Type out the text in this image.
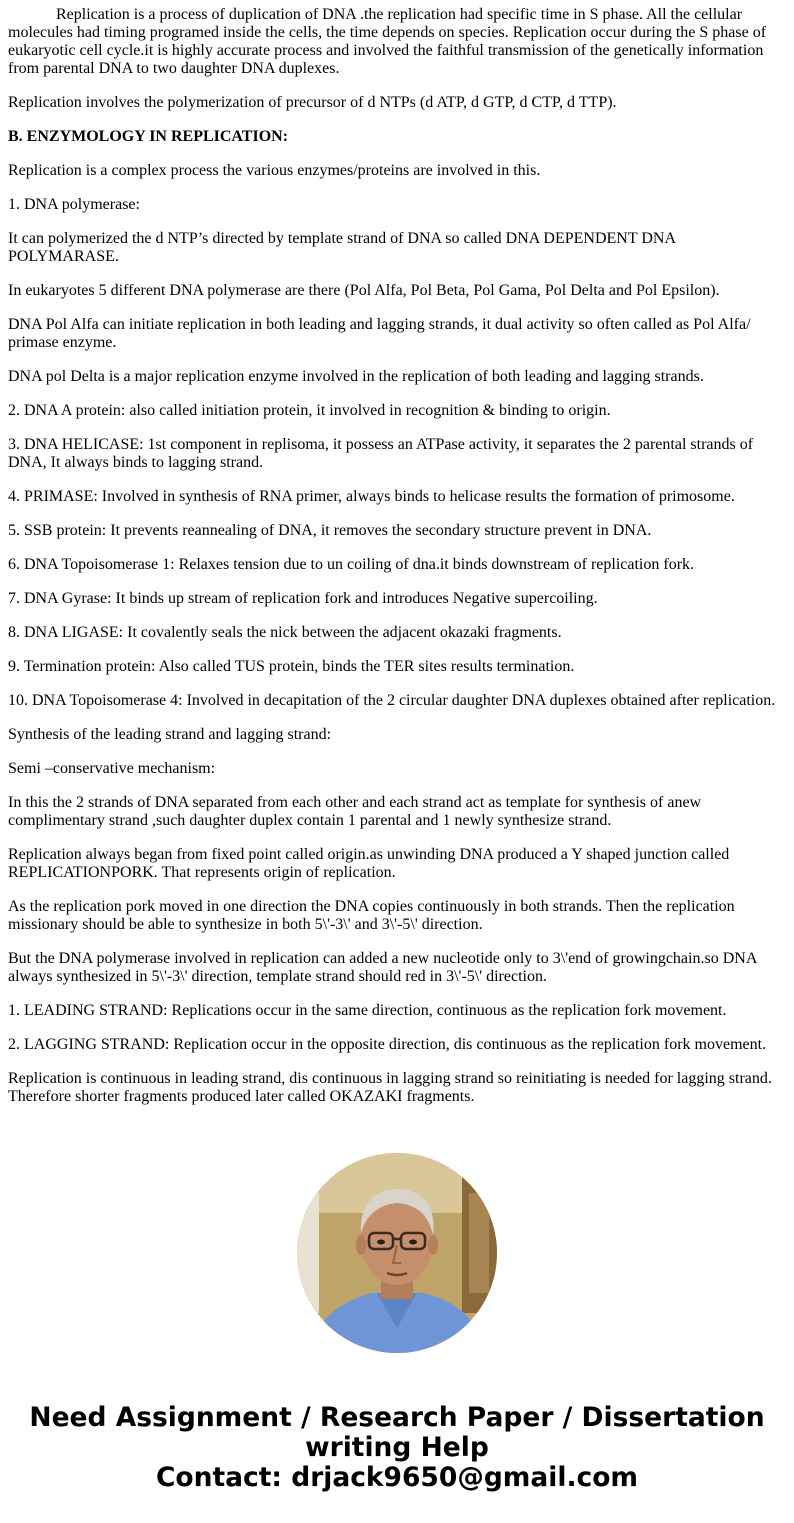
Replication is a process of duplication of DNA .the replication had specific time in S phase. All the cellular molecules had timing programed inside the cells, the time depends on species. Replication occur during the S phase of eukaryotic cell cycle.it is highly accurate process and involved the faithful transmission of the genetically information from parental DNA to two daughter DNA duplexes.

Replication involves the polymerization of precursor of d NTPs (d ATP, d GTP, d CTP, d TTP).

B. ENZYMOLOGY IN REPLICATION:

Replication is a complex process the various enzymes/proteins are involved in this.

1. DNA polymerase:

It can polymerized the d NTP’s directed by template strand of DNA so called DNA DEPENDENT DNA POLYMARASE.

In eukaryotes 5 different DNA polymerase are there (Pol Alfa, Pol Beta, Pol Gama, Pol Delta and Pol Epsilon).

DNA Pol Alfa can initiate replication in both leading and lagging strands, it dual activity so often called as Pol Alfa/ primase enzyme.

DNA pol Delta is a major replication enzyme involved in the replication of both leading and lagging strands.

2. DNA A protein: also called initiation protein, it involved in recognition & binding to origin.

3. DNA HELICASE: 1st component in replisoma, it possess an ATPase activity, it separates the 2 parental strands of DNA, It always binds to lagging strand.

4. PRIMASE: Involved in synthesis of RNA primer, always binds to helicase results the formation of primosome.

5. SSB protein: It prevents reannealing of DNA, it removes the secondary structure prevent in DNA.

6. DNA Topoisomerase 1: Relaxes tension due to un coiling of dna.it binds downstream of replication fork.

7. DNA Gyrase: It binds up stream of replication fork and introduces Negative supercoiling.

8. DNA LIGASE: It covalently seals the nick between the adjacent okazaki fragments.

9. Termination protein: Also called TUS protein, binds the TER sites results termination.

10. DNA Topoisomerase 4: Involved in decapitation of the 2 circular daughter DNA duplexes obtained after replication.

Synthesis of the leading strand and lagging strand:

Semi –conservative mechanism:

In this the 2 strands of DNA separated from each other and each strand act as template for synthesis of anew complimentary strand ,such daughter duplex contain 1 parental and 1 newly synthesize strand.

Replication always began from fixed point called origin.as unwinding DNA produced a Y shaped junction called REPLICATIONPORK. That represents origin of replication.

As the replication pork moved in one direction the DNA copies continuously in both strands. Then the replication missionary should be able to synthesize in both 5\'-3\' and 3\'-5\' direction.

But the DNA polymerase involved in replication can added a new nucleotide only to 3\'end of growingchain.so DNA always synthesized in 5\'-3\' direction, template strand should red in 3\'-5\' direction.

1. LEADING STRAND: Replications occur in the same direction, continuous as the replication fork movement.

2. LAGGING STRAND: Replication occur in the opposite direction, dis continuous as the replication fork movement.

Replication is continuous in leading strand, dis continuous in lagging strand so reinitiating is needed for lagging strand. Therefore shorter fragments produced later called OKAZAKI fragments.

Need Assignment / Research Paper / Dissertation
writing Help
Contact: drjack9650@gmail.com
